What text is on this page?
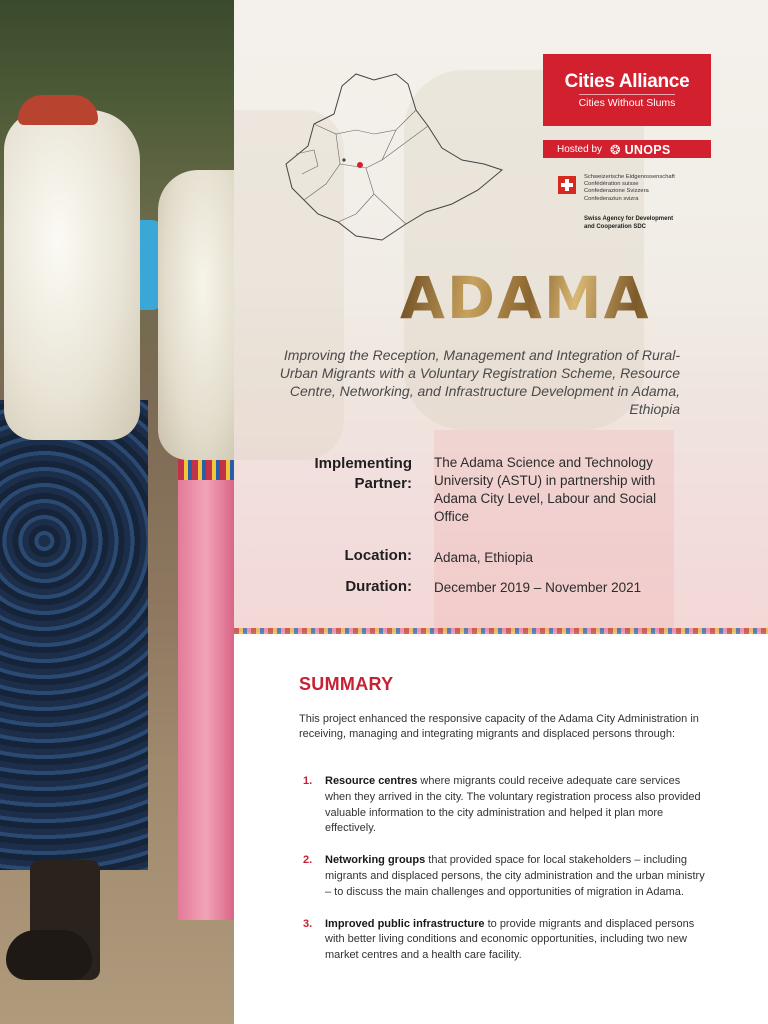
Cities Alliance
Cities Without Slums
Hosted by ❂ UNOPS
Schweizerische Eidgenossenschaft
Confédération suisse
Confederazione Svizzera
Confederaziun svizra
Swiss Agency for Development
and Cooperation SDC
ADAMA
Improving the Reception, Management and Integration of Rural-Urban Migrants with a Voluntary Registration Scheme, Resource Centre, Networking, and Infrastructure Development in Adama, Ethiopia
Implementing
Partner:
The Adama Science and Technology University (ASTU) in partnership with Adama City Level, Labour and Social Office
Location: Adama, Ethiopia
Duration: December 2019 – November 2021
SUMMARY
This project enhanced the responsive capacity of the Adama City Administration in receiving, managing and integrating migrants and displaced persons through:
1. Resource centres where migrants could receive adequate care services when they arrived in the city. The voluntary registration process also provided valuable information to the city administration and helped it plan more effectively.
2. Networking groups that provided space for local stakeholders – including migrants and displaced persons, the city administration and the urban ministry – to discuss the main challenges and opportunities of migration in Adama.
3. Improved public infrastructure to provide migrants and displaced persons with better living conditions and economic opportunities, including two new market centres and a health care facility.
